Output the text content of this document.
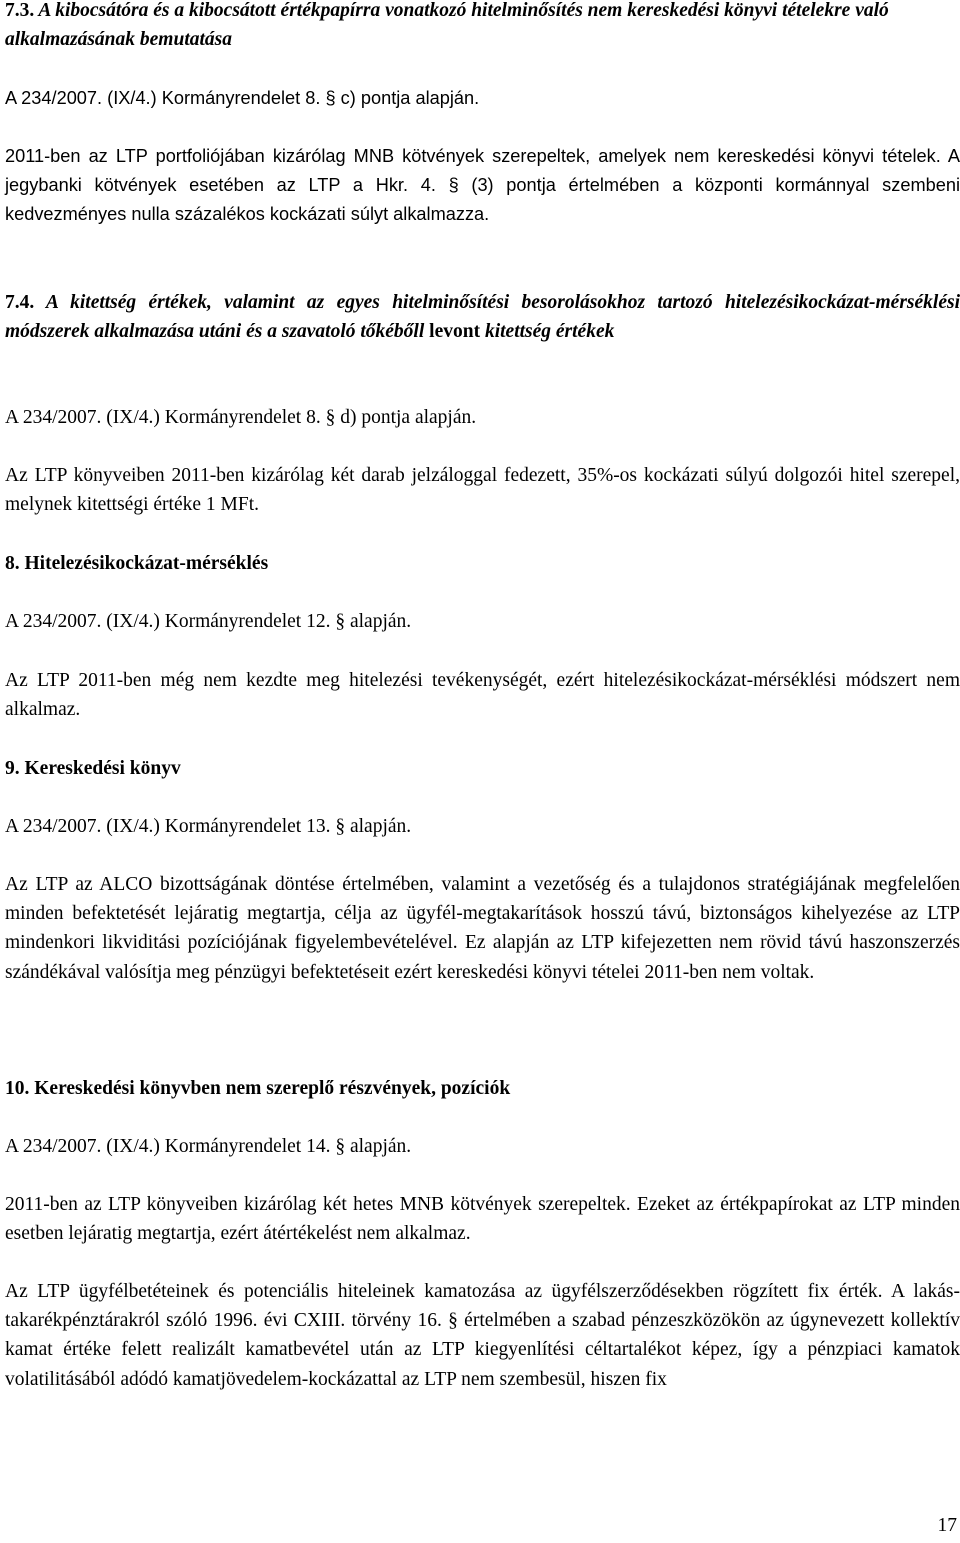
7.3. A kibocsátóra és a kibocsátott értékpapírra vonatkozó hitelminősítés nem kereskedési könyvi tételekre való alkalmazásának bemutatása

A 234/2007. (IX/4.) Kormányrendelet 8. § c) pontja alapján.

2011-ben az LTP portfoliójában kizárólag MNB kötvények szerepeltek, amelyek nem kereskedési könyvi tételek. A jegybanki kötvények esetében az LTP a Hkr. 4. § (3) pontja értelmében a központi kormánnyal szembeni kedvezményes nulla százalékos kockázati súlyt alkalmazza.

7.4. A kitettség értékek, valamint az egyes hitelminősítési besorolásokhoz tartozó hitelezésikockázat-mérséklési módszerek alkalmazása utáni és a szavatoló tőkébőll levont kitettség értékek

A 234/2007. (IX/4.) Kormányrendelet 8. § d) pontja alapján.

Az LTP könyveiben 2011-ben kizárólag két darab jelzáloggal fedezett, 35%-os kockázati súlyú dolgozói hitel szerepel, melynek kitettségi értéke 1 MFt.

8. Hitelezésikockázat-mérséklés

A 234/2007. (IX/4.) Kormányrendelet 12. § alapján.

Az LTP 2011-ben még nem kezdte meg hitelezési tevékenységét, ezért hitelezésikockázat-mérséklési módszert nem alkalmaz.

9. Kereskedési könyv

A 234/2007. (IX/4.) Kormányrendelet 13. § alapján.

Az LTP az ALCO bizottságának döntése értelmében, valamint a vezetőség és a tulajdonos stratégiájának megfelelően minden befektetését lejáratig megtartja, célja az ügyfél-megtakarítások hosszú távú, biztonságos kihelyezése az LTP mindenkori likviditási pozíciójának figyelembevételével. Ez alapján az LTP kifejezetten nem rövid távú haszonszerzés szándékával valósítja meg pénzügyi befektetéseit ezért kereskedési könyvi tételei 2011-ben nem voltak.

10. Kereskedési könyvben nem szereplő részvények, pozíciók

A 234/2007. (IX/4.) Kormányrendelet 14. § alapján.

2011-ben az LTP könyveiben kizárólag két hetes MNB kötvények szerepeltek. Ezeket az értékpapírokat az LTP minden esetben lejáratig megtartja, ezért átértékelést nem alkalmaz.

Az LTP ügyfélbetéteinek és potenciális hiteleinek kamatozása az ügyfélszerződésekben rögzített fix érték. A lakás-takarékpénztárakról szóló 1996. évi CXIII. törvény 16. § értelmében a szabad pénzeszközökön az úgynevezett kollektív kamat értéke felett realizált kamatbevétel után az LTP kiegyenlítési céltartalékot képez, így a pénzpiaci kamatok volatilitásából adódó kamatjövedelem-kockázattal az LTP nem szembesül, hiszen fix

17
